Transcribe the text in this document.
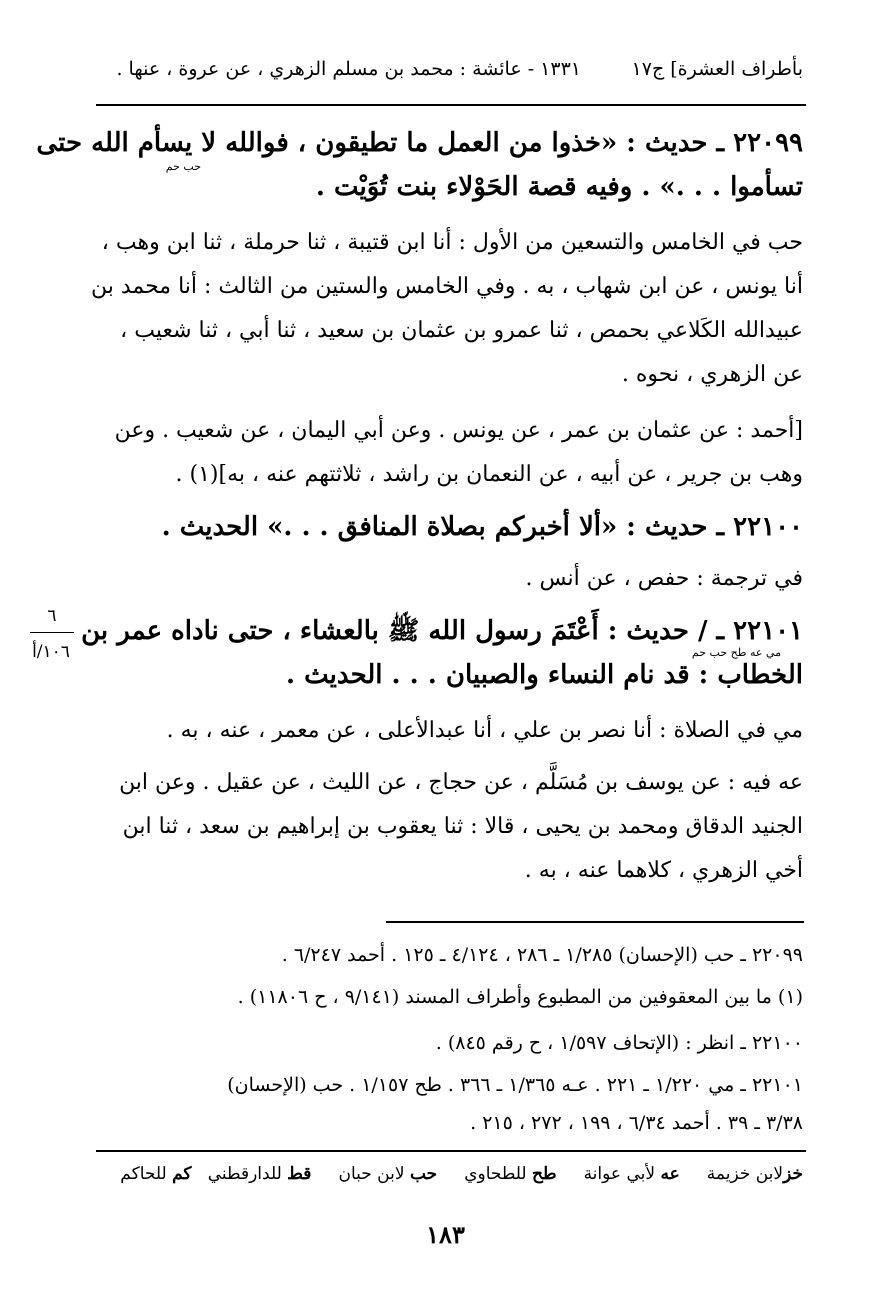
بأطراف العشرة] ج١٧
١٣٣١ - عائشة : محمد بن مسلم الزهري ، عن عروة ، عنها .
٢٢٠٩٩ ـ حديث : «خذوا من العمل ما تطيقون ، فوالله لا يسأم الله حتى
حب حم
تسأموا . . .» . وفيه قصة الحَوْلاء بنت تُوَيْت .
حب في الخامس والتسعين من الأول : أنا ابن قتيبة ، ثنا حرملة ، ثنا ابن وهب ،
أنا يونس ، عن ابن شهاب ، به . وفي الخامس والستين من الثالث : أنا محمد بن
عبيدالله الكَلاعي بحمص ، ثنا عمرو بن عثمان بن سعيد ، ثنا أبي ، ثنا شعيب ،
عن الزهري ، نحوه .
[أحمد : عن عثمان بن عمر ، عن يونس . وعن أبي اليمان ، عن شعيب . وعن
وهب بن جرير ، عن أبيه ، عن النعمان بن راشد ، ثلاثتهم عنه ، به](١) .
٢٢١٠٠ ـ حديث : «ألا أخبركم بصلاة المنافق . . .» الحديث .
في ترجمة : حفص ، عن أنس .
٢٢١٠١ ـ / حديث : أَعْتَمَ رسول الله ﷺ بالعشاء ، حتى ناداه عمر بن
مي عه طح حب حم
الخطاب : قد نام النساء والصبيان . . . الحديث .
٦
١٠٦/أ
مي في الصلاة : أنا نصر بن علي ، أنا عبدالأعلى ، عن معمر ، عنه ، به .
عه فيه : عن يوسف بن مُسَلَّم ، عن حجاج ، عن الليث ، عن عقيل . وعن ابن
الجنيد الدقاق ومحمد بن يحيى ، قالا : ثنا يعقوب بن إبراهيم بن سعد ، ثنا ابن
أخي الزهري ، كلاهما عنه ، به .
٢٢٠٩٩ ـ حب (الإحسان) ١/٢٨٥ ـ ٢٨٦ ، ٤/١٢٤ ـ ١٢٥ . أحمد ٦/٢٤٧ .
(١) ما بين المعقوفين من المطبوع وأطراف المسند (٩/١٤١ ، ح ١١٨٠٦) .
٢٢١٠٠ ـ انظر : (الإتحاف ١/٥٩٧ ، ح رقم ٨٤٥) .
٢٢١٠١ ـ مي ١/٢٢٠ ـ ٢٢١ . عـه ١/٣٦٥ ـ ٣٦٦ . طح ١/١٥٧ . حب (الإحسان)
٣/٣٨ ـ ٣٩ . أحمد ٦/٣٤ ، ١٩٩ ، ٢٧٢ ، ٢١٥ .
خزلابن خزيمة     عه لأبي عوانة     طح للطحاوي     حب لابن حبان     قط للدارقطني   كم للحاكم
١٨٣
